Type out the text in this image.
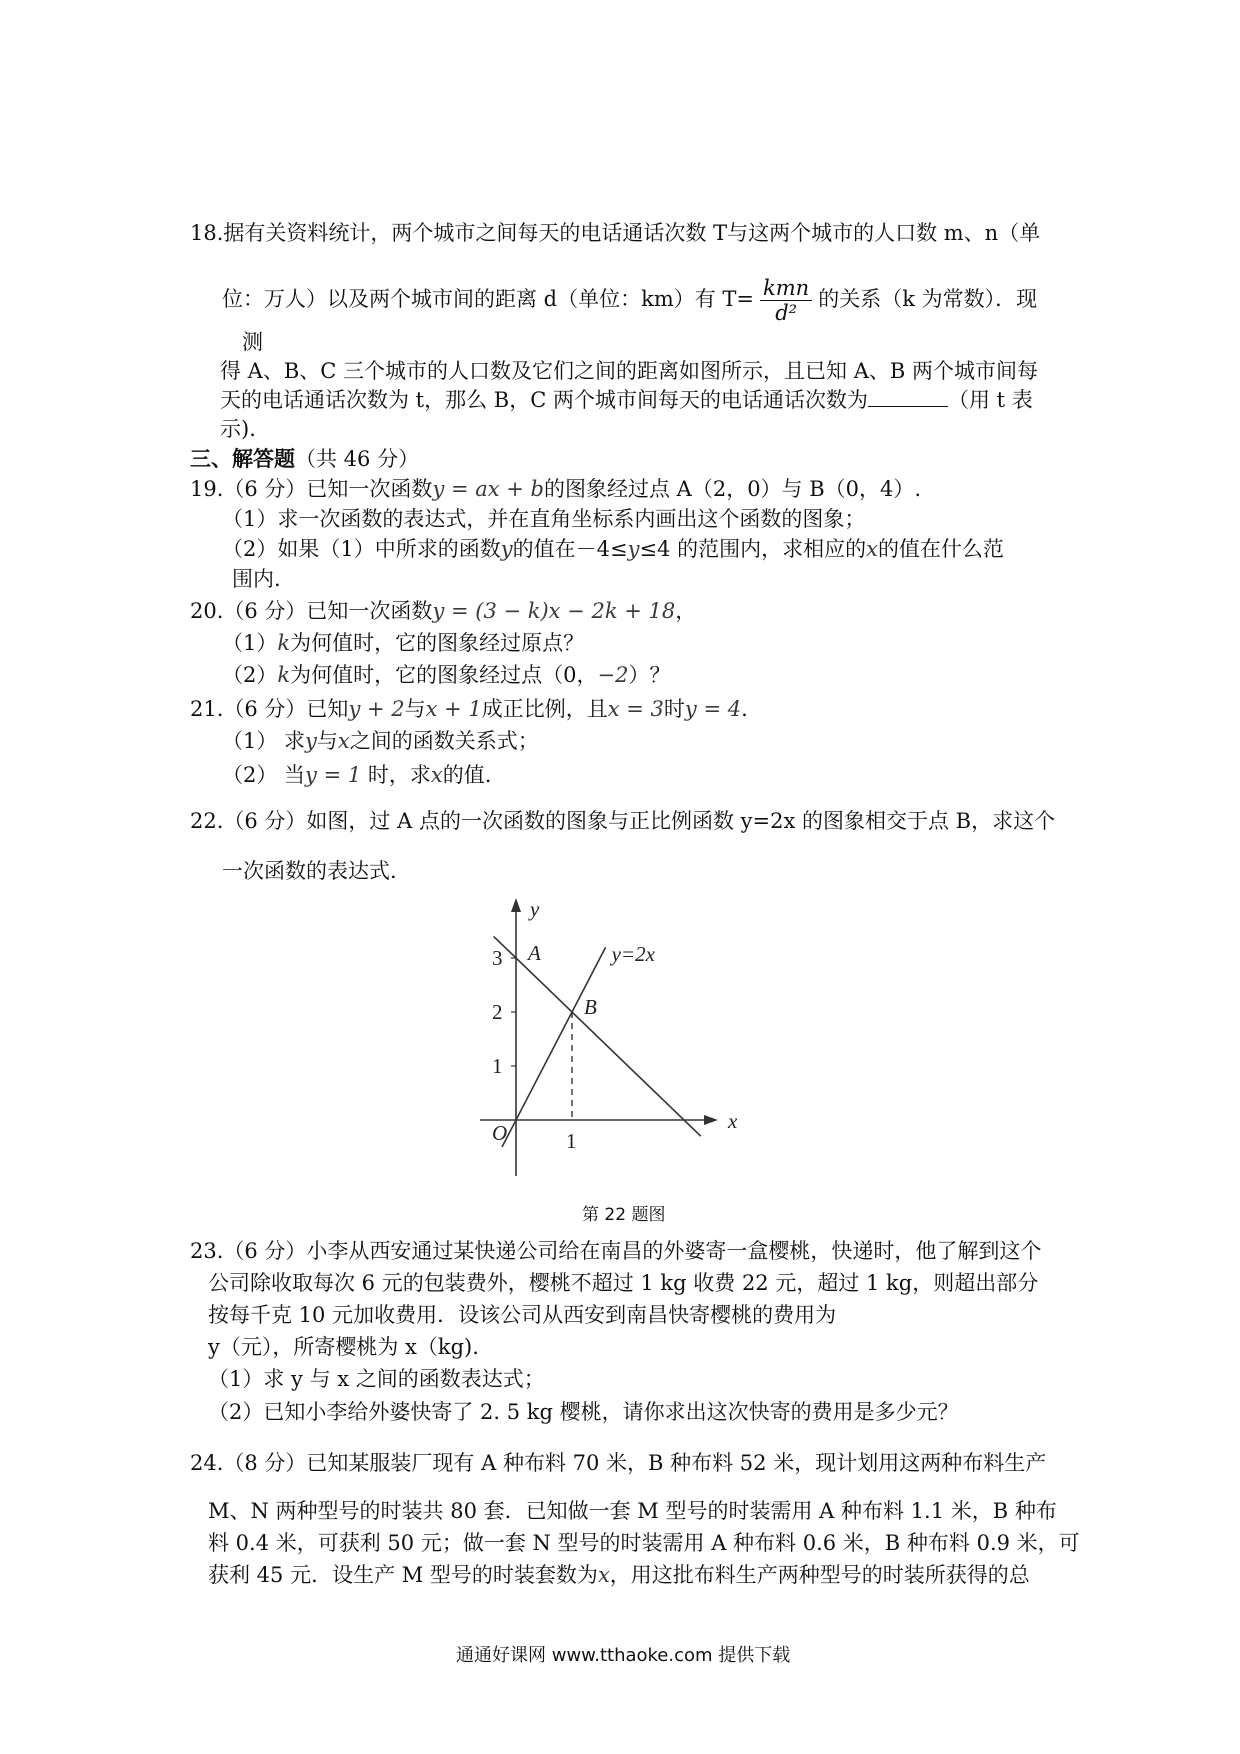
18.据有关资料统计，两个城市之间每天的电话通话次数 T与这两个城市的人口数 m、n（单
位：万人）以及两个城市间的距离 d（单位：km）有 $T= \frac{\text{kmn}}{\text{d²}}$ 的关系（k 为常数）．现
测
得 A、B、C 三个城市的人口数及它们之间的距离如图所示，且已知 A、B 两个城市间每
天的电话通话次数为 t，那么 B，C 两个城市间每天的电话通话次数为	（用 t 表
示)．
三、解答题（共 46 分）
19.（6 分）已知一次函数y = ax + b的图象经过点 A（2，0）与 B（0，4）.
（1）求一次函数的表达式，并在直角坐标系内画出这个函数的图象；
（2）如果（1）中所求的函数y的值在－4≤y≤4 的范围内，求相应的x的值在什么范
围内.
20.（6 分）已知一次函数y = (3 − k)x − 2k + 18，
（1）k为何值时，它的图象经过原点？
（2）k为何值时，它的图象经过点（0，−2）？
21.（6 分）已知y + 2与x + 1成正比例，且x = 3时y = 4.
（1） 求y与x之间的函数关系式；
（2） 当y = 1 时，求x的值.
22.（6 分）如图，过 A 点的一次函数的图象与正比例函数 y=2x 的图象相交于点 B，求这个
一次函数的表达式.
x
y
O
1
2
3
1
y=2x
A
B
第 22 题图
23.（6 分）小李从西安通过某快递公司给在南昌的外婆寄一盒樱桃，快递时，他了解到这个
公司除收取每次 6 元的包装费外，樱桃不超过 1 kg 收费 22 元，超过 1 kg，则超出部分
按每千克 10 元加收费用．设该公司从西安到南昌快寄樱桃的费用为
y（元），所寄樱桃为 x（kg).
（1）求 y 与 x 之间的函数表达式；
（2）已知小李给外婆快寄了 2. 5 kg 樱桃，请你求出这次快寄的费用是多少元？
24.（8 分）已知某服装厂现有 A 种布料 70 米，B 种布料 52 米，现计划用这两种布料生产
M、N 两种型号的时装共 80 套．已知做一套 M 型号的时装需用 A 种布料 1.1 米，B 种布
料 0.4 米，可获利 50 元；做一套 N 型号的时装需用 A 种布料 0.6 米，B 种布料 0.9 米，可
获利 45 元．设生产 M 型号的时装套数为x，用这批布料生产两种型号的时装所获得的总
通通好课网 www.tthaoke.com 提供下载
